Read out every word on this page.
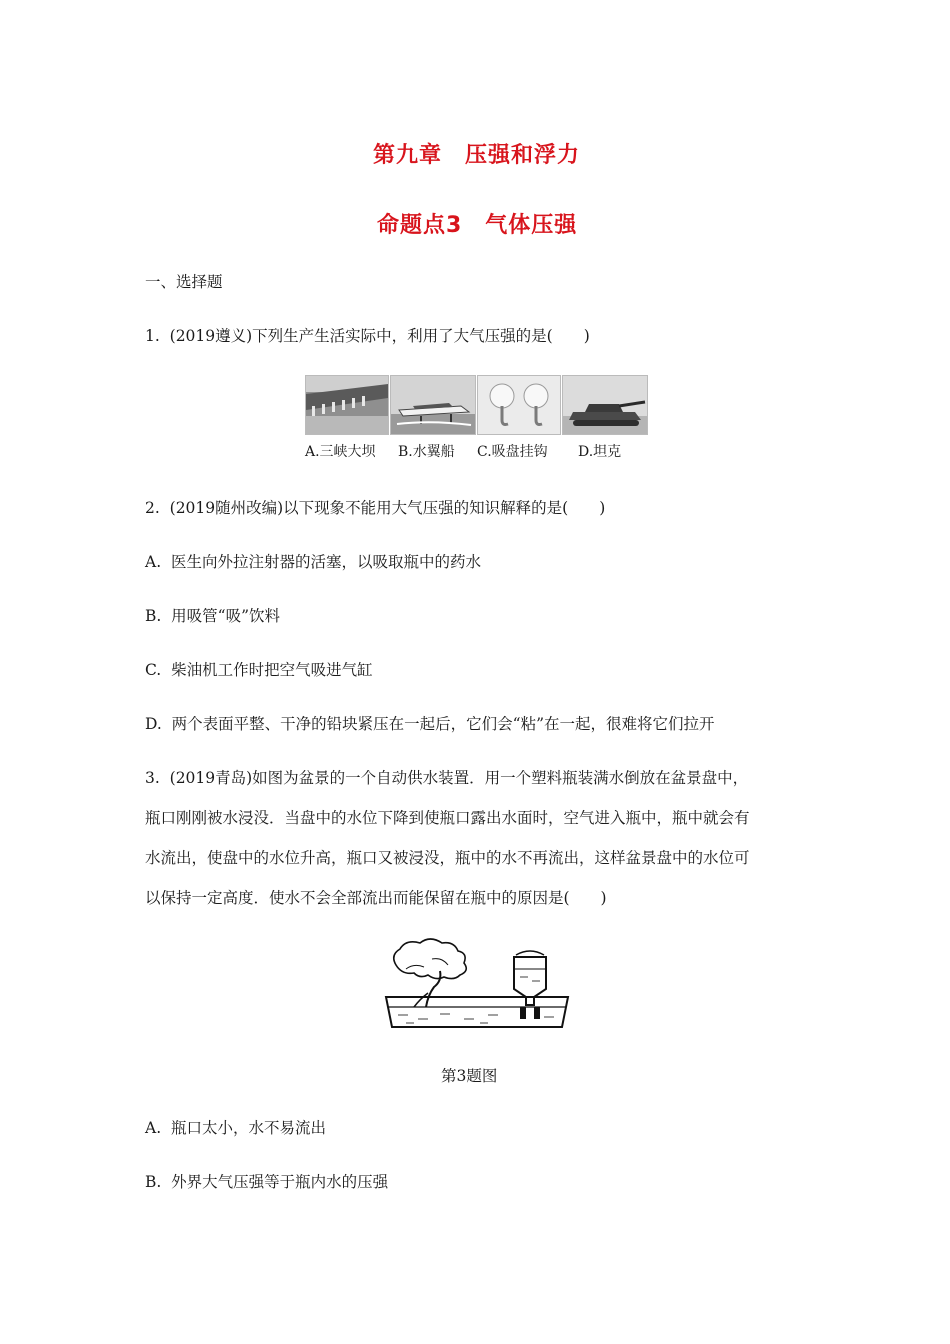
第九章　压强和浮力
命题点3　气体压强
一、选择题
1.  (2019遵义)下列生产生活实际中，利用了大气压强的是(　　)
A.三峡大坝 B.水翼船 C.吸盘挂钩 D.坦克
2.  (2019随州改编)以下现象不能用大气压强的知识解释的是(　　)
A.  医生向外拉注射器的活塞，以吸取瓶中的药水
B.  用吸管“吸”饮料
C.  柴油机工作时把空气吸进气缸
D.  两个表面平整、干净的铅块紧压在一起后，它们会“粘”在一起，很难将它们拉开
3.  (2019青岛)如图为盆景的一个自动供水装置．用一个塑料瓶装满水倒放在盆景盘中，
瓶口刚刚被水浸没．当盘中的水位下降到使瓶口露出水面时，空气进入瓶中，瓶中就会有
水流出，使盘中的水位升高，瓶口又被浸没，瓶中的水不再流出，这样盆景盘中的水位可
以保持一定高度．使水不会全部流出而能保留在瓶中的原因是(　　)
第3题图
A.  瓶口太小，水不易流出
B.  外界大气压强等于瓶内水的压强
